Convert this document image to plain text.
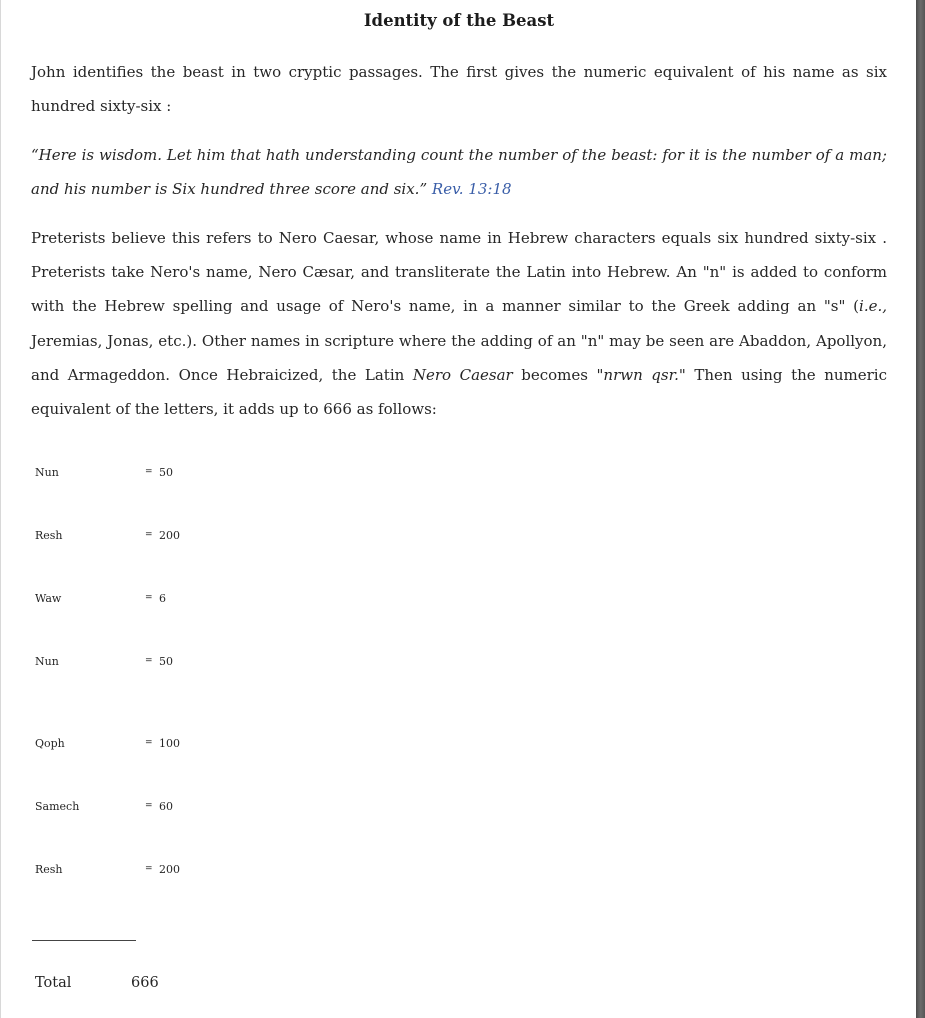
Identity of the Beast

John identifies the beast in two cryptic passages. The first gives the numeric equivalent of his name as six hundred sixty-six :

“Here is wisdom. Let him that hath understanding count the number of the beast: for it is the number of a man; and his number is Six hundred three score and six.” Rev. 13:18

Preterists believe this refers to Nero Caesar, whose name in Hebrew characters equals six hundred sixty-six . Preterists take Nero's name, Nero Cæsar, and transliterate the Latin into Hebrew. An "n" is added to conform with the Hebrew spelling and usage of Nero's name, in a manner similar to the Greek adding an "s" (i.e., Jeremias, Jonas, etc.). Other names in scripture where the adding of an "n" may be seen are Abaddon, Apollyon, and Armageddon. Once Hebraicized, the Latin Nero Caesar becomes "nrwn qsr." Then using the numeric equivalent of the letters, it adds up to 666 as follows:

Nun	= 50
Resh	= 200
Waw	= 6
Nun	= 50
Qoph	= 100
Samech	= 60
Resh	= 200
Total	666
